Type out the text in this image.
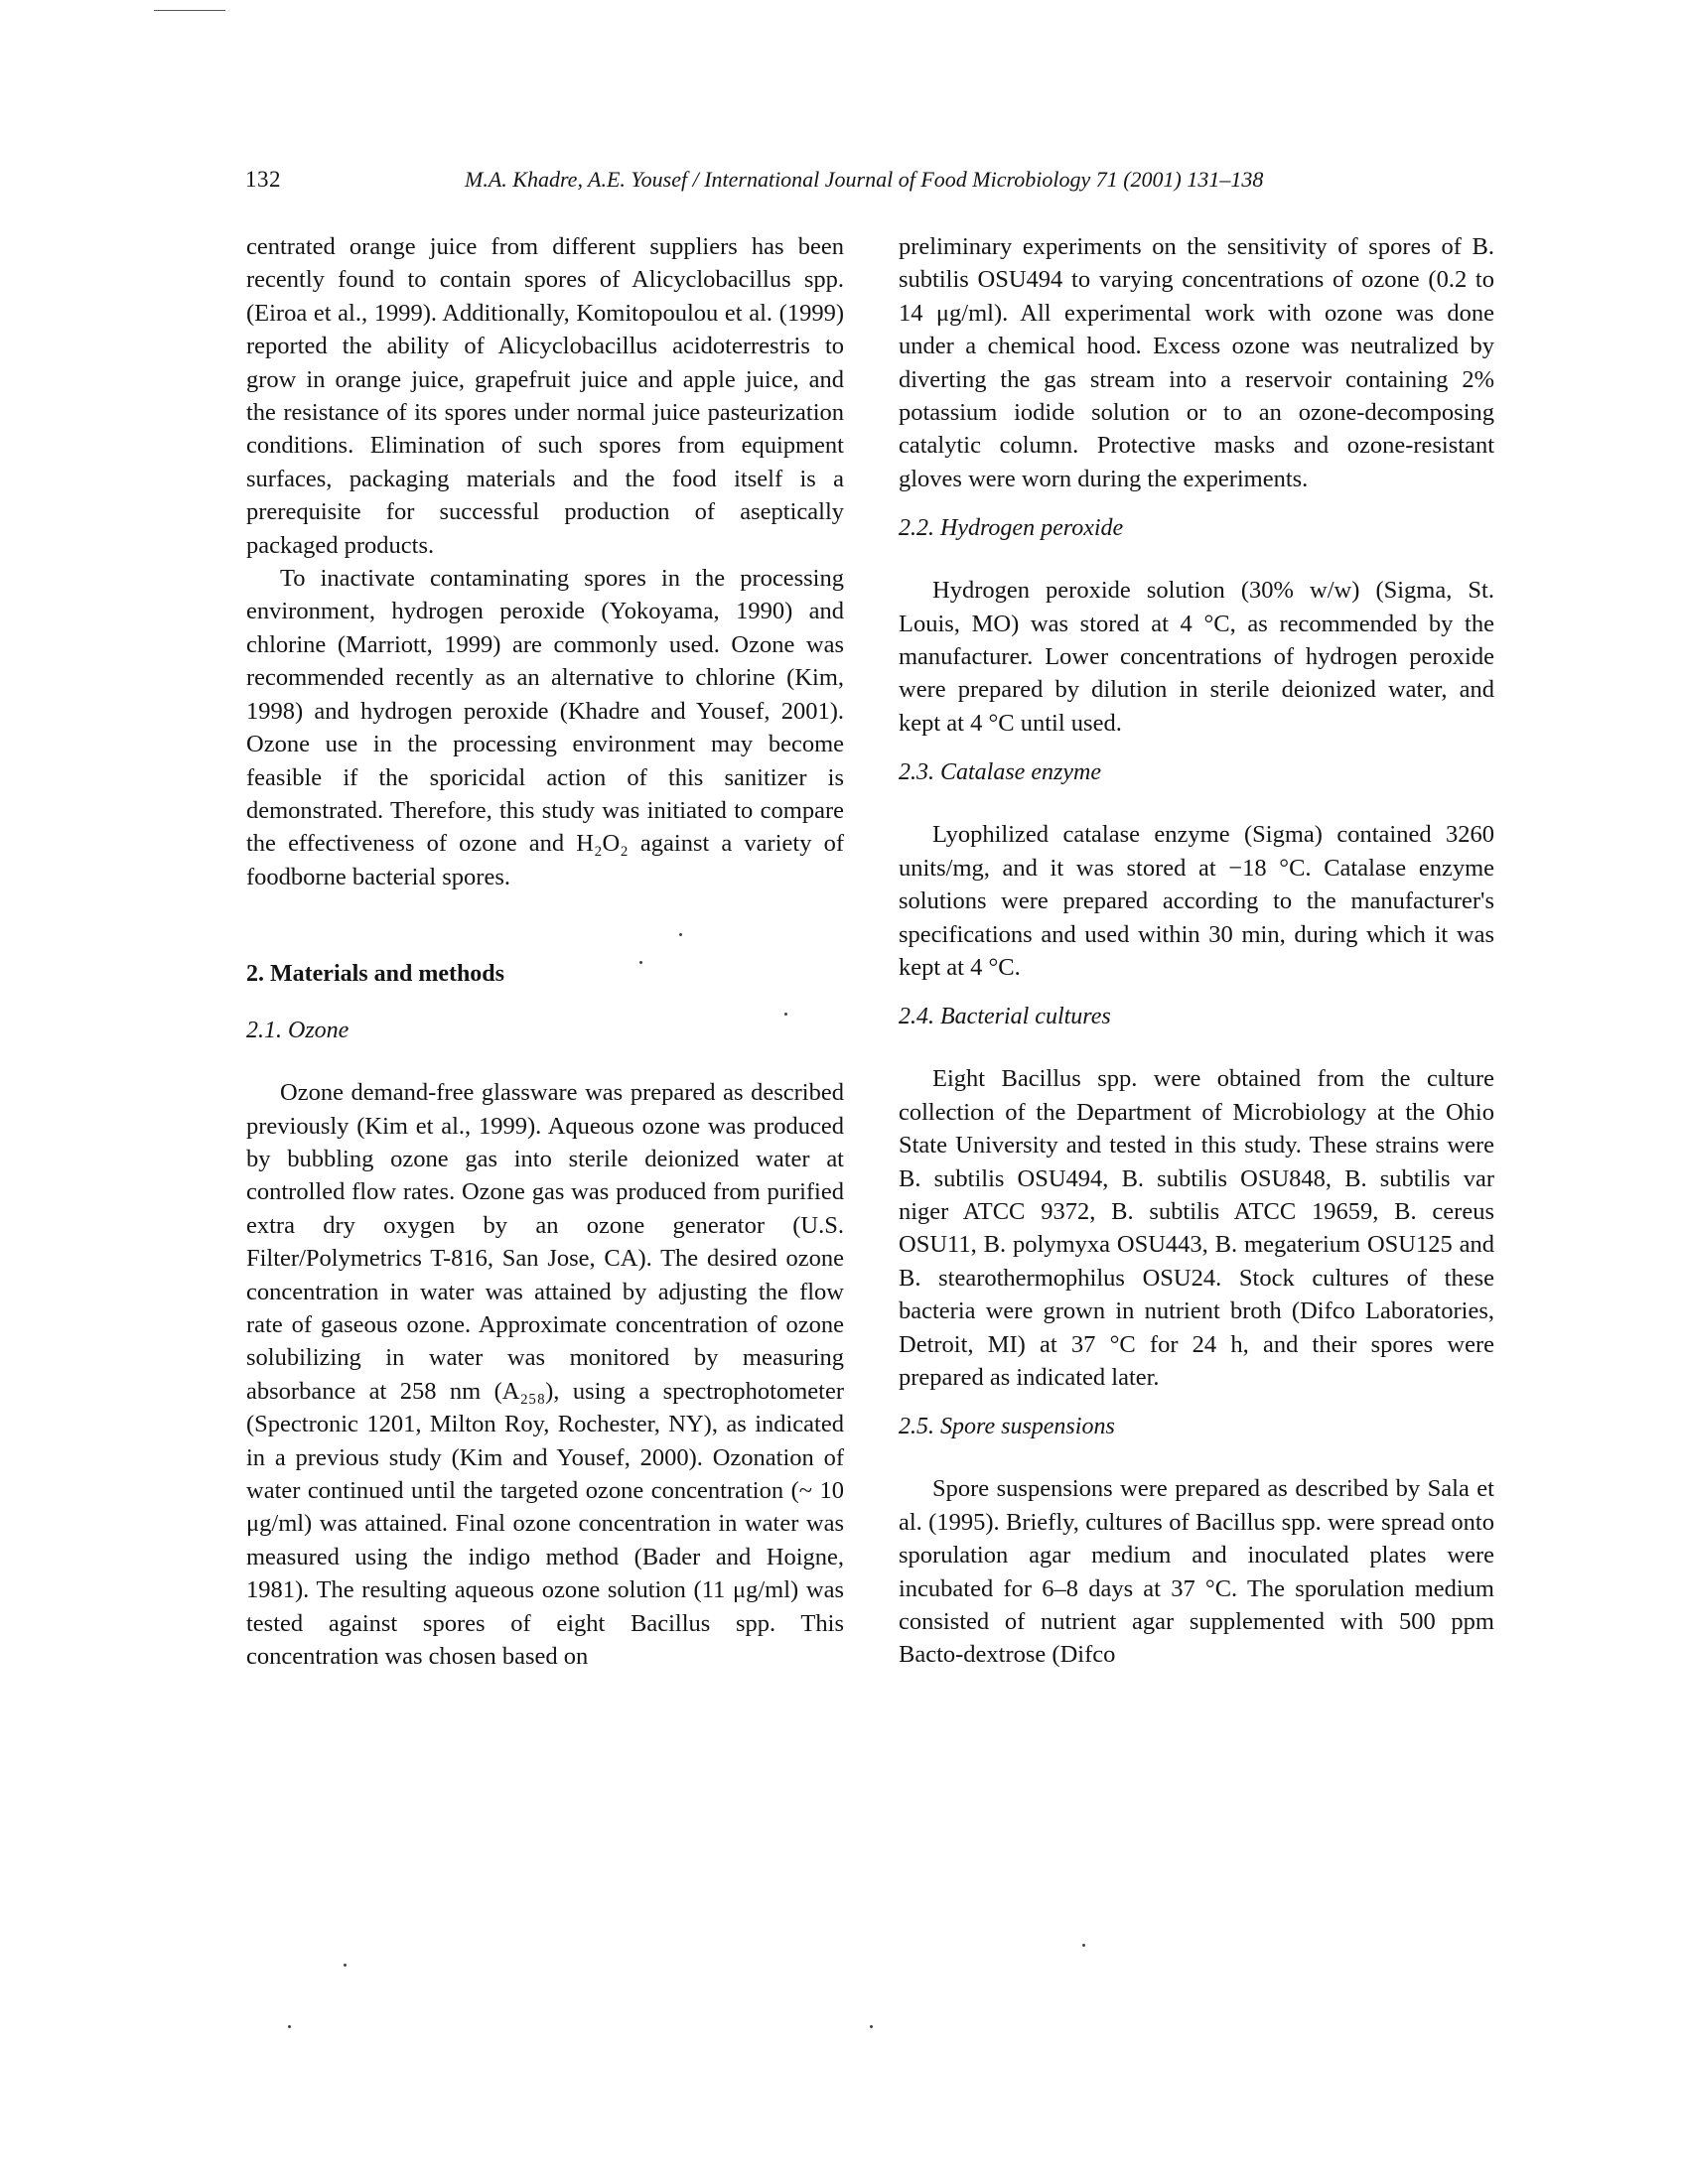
132	M.A. Khadre, A.E. Yousef / International Journal of Food Microbiology 71 (2001) 131–138

centrated orange juice from different suppliers has been recently found to contain spores of Alicyclobacillus spp. (Eiroa et al., 1999). Additionally, Komitopoulou et al. (1999) reported the ability of Alicyclobacillus acidoterrestris to grow in orange juice, grapefruit juice and apple juice, and the resistance of its spores under normal juice pasteurization conditions. Elimination of such spores from equipment surfaces, packaging materials and the food itself is a prerequisite for successful production of aseptically packaged products.

To inactivate contaminating spores in the processing environment, hydrogen peroxide (Yokoyama, 1990) and chlorine (Marriott, 1999) are commonly used. Ozone was recommended recently as an alternative to chlorine (Kim, 1998) and hydrogen peroxide (Khadre and Yousef, 2001). Ozone use in the processing environment may become feasible if the sporicidal action of this sanitizer is demonstrated. Therefore, this study was initiated to compare the effectiveness of ozone and H₂O₂ against a variety of foodborne bacterial spores.

2. Materials and methods

2.1. Ozone

Ozone demand-free glassware was prepared as described previously (Kim et al., 1999). Aqueous ozone was produced by bubbling ozone gas into sterile deionized water at controlled flow rates. Ozone gas was produced from purified extra dry oxygen by an ozone generator (U.S. Filter/Polymetrics T-816, San Jose, CA). The desired ozone concentration in water was attained by adjusting the flow rate of gaseous ozone. Approximate concentration of ozone solubilizing in water was monitored by measuring absorbance at 258 nm (A₂₅₈), using a spectrophotometer (Spectronic 1201, Milton Roy, Rochester, NY), as indicated in a previous study (Kim and Yousef, 2000). Ozonation of water continued until the targeted ozone concentration (~ 10 μg/ml) was attained. Final ozone concentration in water was measured using the indigo method (Bader and Hoigne, 1981). The resulting aqueous ozone solution (11 μg/ml) was tested against spores of eight Bacillus spp. This concentration was chosen based on

preliminary experiments on the sensitivity of spores of B. subtilis OSU494 to varying concentrations of ozone (0.2 to 14 μg/ml). All experimental work with ozone was done under a chemical hood. Excess ozone was neutralized by diverting the gas stream into a reservoir containing 2% potassium iodide solution or to an ozone-decomposing catalytic column. Protective masks and ozone-resistant gloves were worn during the experiments.

2.2. Hydrogen peroxide

Hydrogen peroxide solution (30% w/w) (Sigma, St. Louis, MO) was stored at 4 °C, as recommended by the manufacturer. Lower concentrations of hydrogen peroxide were prepared by dilution in sterile deionized water, and kept at 4 °C until used.

2.3. Catalase enzyme

Lyophilized catalase enzyme (Sigma) contained 3260 units/mg, and it was stored at −18 °C. Catalase enzyme solutions were prepared according to the manufacturer's specifications and used within 30 min, during which it was kept at 4 °C.

2.4. Bacterial cultures

Eight Bacillus spp. were obtained from the culture collection of the Department of Microbiology at the Ohio State University and tested in this study. These strains were B. subtilis OSU494, B. subtilis OSU848, B. subtilis var niger ATCC 9372, B. subtilis ATCC 19659, B. cereus OSU11, B. polymyxa OSU443, B. megaterium OSU125 and B. stearothermophilus OSU24. Stock cultures of these bacteria were grown in nutrient broth (Difco Laboratories, Detroit, MI) at 37 °C for 24 h, and their spores were prepared as indicated later.

2.5. Spore suspensions

Spore suspensions were prepared as described by Sala et al. (1995). Briefly, cultures of Bacillus spp. were spread onto sporulation agar medium and inoculated plates were incubated for 6–8 days at 37 °C. The sporulation medium consisted of nutrient agar supplemented with 500 ppm Bacto-dextrose (Difco
